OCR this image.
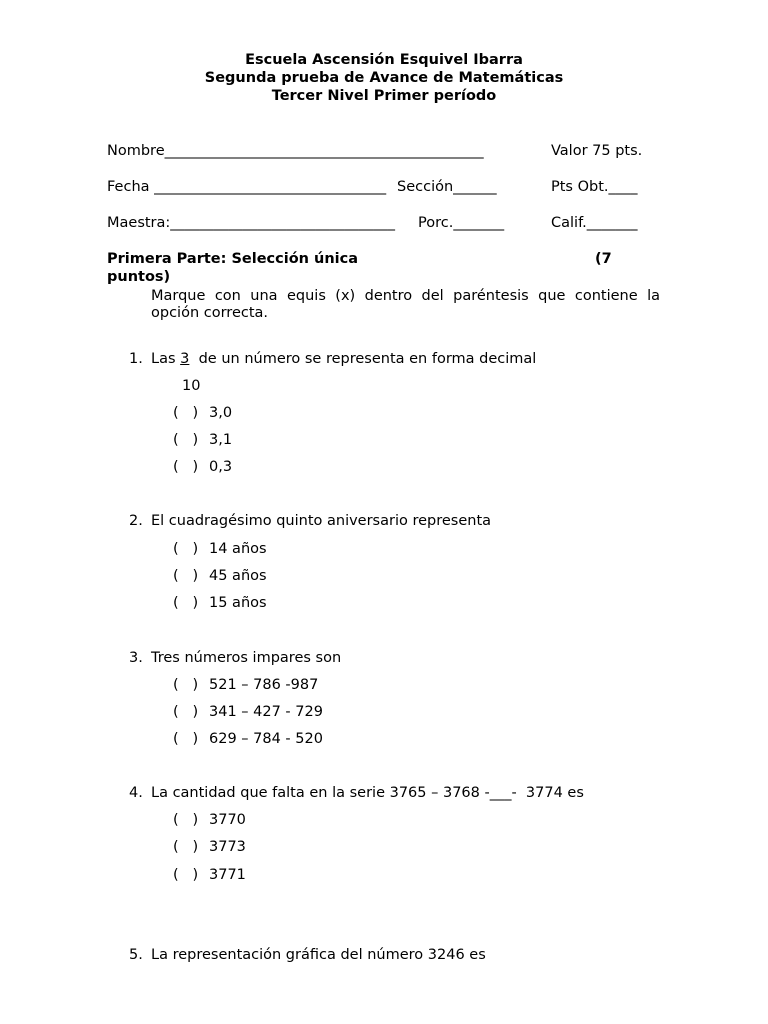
Escuela Ascensión Esquivel Ibarra
Segunda prueba de Avance de Matemáticas
Tercer Nivel Primer período
Nombre____________________________________________	Valor 75 pts.
Fecha ________________________________ Sección______	Pts Obt.____
Maestra:_______________________________ Porc._______	Calif._______
Primera Parte: Selección única	(7
puntos)
Marque con una equis (x) dentro del paréntesis que contiene la
opción correcta.
1. Las 3  de un número se representa en forma decimal
10
(   ) 3,0
(   ) 3,1
(   ) 0,3
2. El cuadragésimo quinto aniversario representa
(   ) 14 años
(   ) 45 años
(   ) 15 años
3. Tres números impares son
(   ) 521 – 786 -987
(   ) 341 – 427 - 729
(   ) 629 – 784 - 520
4. La cantidad que falta en la serie 3765 – 3768 -___-  3774 es
(   ) 3770
(   ) 3773
(   ) 3771
5. La representación gráfica del número 3246 es
